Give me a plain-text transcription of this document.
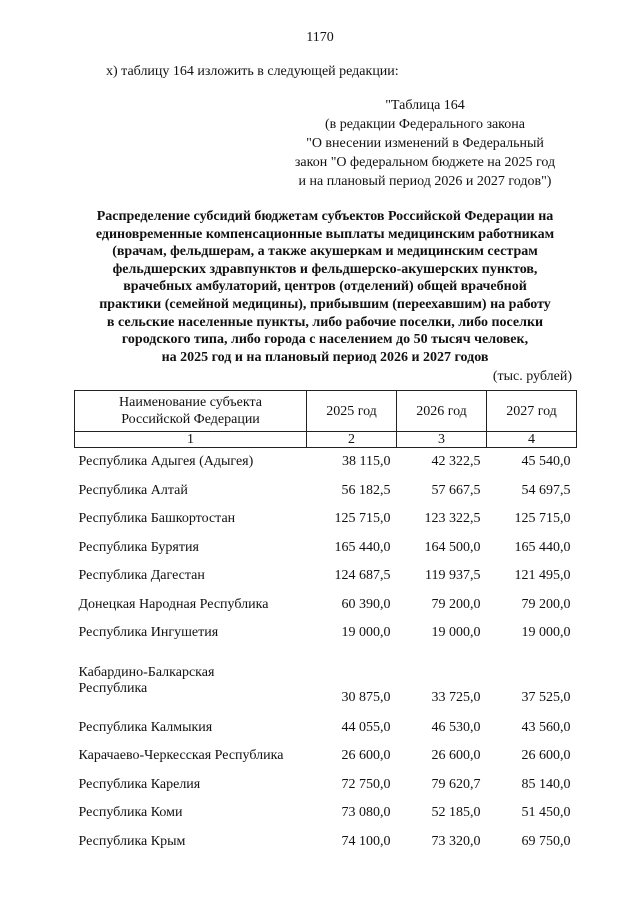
1170
х) таблицу 164 изложить в следующей редакции:
"Таблица 164
(в редакции Федерального закона
"О внесении изменений в Федеральный
закон "О федеральном бюджете на 2025 год
и на плановый период 2026 и 2027 годов")
Распределение субсидий бюджетам субъектов Российской Федерации на
единовременные компенсационные выплаты медицинским работникам
(врачам, фельдшерам, а также акушеркам и медицинским сестрам
фельдшерских здравпунктов и фельдшерско-акушерских пунктов,
врачебных амбулаторий, центров (отделений) общей врачебной
практики (семейной медицины), прибывшим (переехавшим) на работу
в сельские населенные пункты, либо рабочие поселки, либо поселки
городского типа, либо города с населением до 50 тысяч человек,
на 2025 год и на плановый период 2026 и 2027 годов
(тыс. рублей)
Наименование субъекта
Российской Федерации	2025 год	2026 год	2027 год
1	2	3	4
Республика Адыгея (Адыгея)	38 115,0	42 322,5	45 540,0
Республика Алтай	56 182,5	57 667,5	54 697,5
Республика Башкортостан	125 715,0	123 322,5	125 715,0
Республика Бурятия	165 440,0	164 500,0	165 440,0
Республика Дагестан	124 687,5	119 937,5	121 495,0
Донецкая Народная Республика	60 390,0	79 200,0	79 200,0
Республика Ингушетия	19 000,0	19 000,0	19 000,0

Кабардино-Балкарская
Республика	30 875,0	33 725,0	37 525,0
Республика Калмыкия	44 055,0	46 530,0	43 560,0
Карачаево-Черкесская Республика	26 600,0	26 600,0	26 600,0
Республика Карелия	72 750,0	79 620,7	85 140,0
Республика Коми	73 080,0	52 185,0	51 450,0
Республика Крым	74 100,0	73 320,0	69 750,0
